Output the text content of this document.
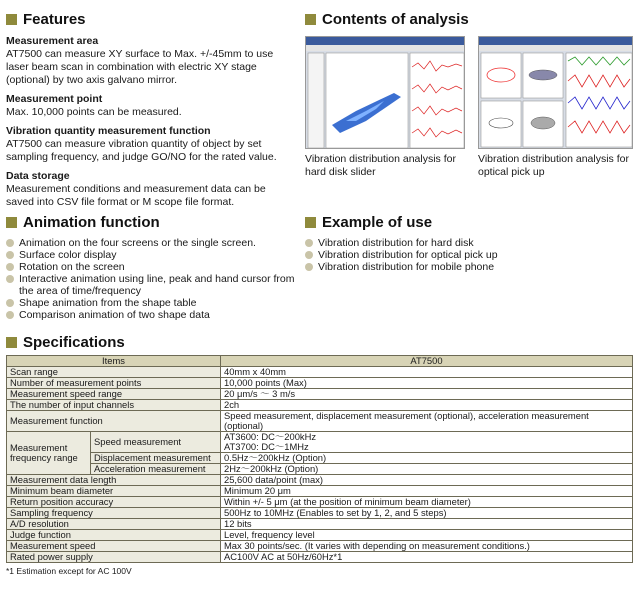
Features
Measurement area
AT7500 can measure XY surface to Max. +/-45mm to use laser beam scan in combination with electric XY stage (optional) by two axis galvano mirror.
Measurement point
Max. 10,000 points can be measured.
Vibration quantity measurement function
AT7500 can measure vibration quantity of object by set sampling frequency, and judge GO/NO for the rated value.
Data storage
Measurement conditions and measurement data can be saved into CSV file format or M scope file format.
Contents of analysis
Vibration distribution analysis for hard disk slider
Vibration distribution analysis for optical pick up
Animation function
Animation on the four screens or the single screen.
Surface color display
Rotation on the screen
Interactive animation using line, peak and hand cursor from the area of time/frequency
Shape animation from the shape table
Comparison animation of two shape data
Example of use
Vibration distribution for hard disk
Vibration distribution for optical pick up
Vibration distribution for mobile phone
Specifications
Items		AT7500
Scan range		40mm x 40mm
Number of measurement points		10,000 points (Max)
Measurement speed range		20 μm/s ～ 3 m/s
The number of input channels		2ch
Measurement function		Speed measurement, displacement measurement (optional), acceleration measurement (optional)
Measurement frequency range	Speed measurement	AT3600: DC～200kHz
AT3700: DC～1MHz

	Displacement measurement	0.5Hz～200kHz (Option)
	Acceleration measurement	2Hz～200kHz (Option)
Measurement data length		25,600 data/point (max)
Minimum beam diameter		Minimum 20 μm
Return position accuracy		Within +/- 5 μm (at the position of minimum beam diameter)
Sampling frequency		500Hz to 10MHz (Enables to set by 1, 2, and 5 steps)
A/D resolution		12 bits
Judge function		Level, frequency level
Measurement speed		Max 30 points/sec. (It varies with depending on measurement conditions.)
Rated power supply		AC100V AC at 50Hz/60Hz*1
*1 Estimation except for AC 100V
